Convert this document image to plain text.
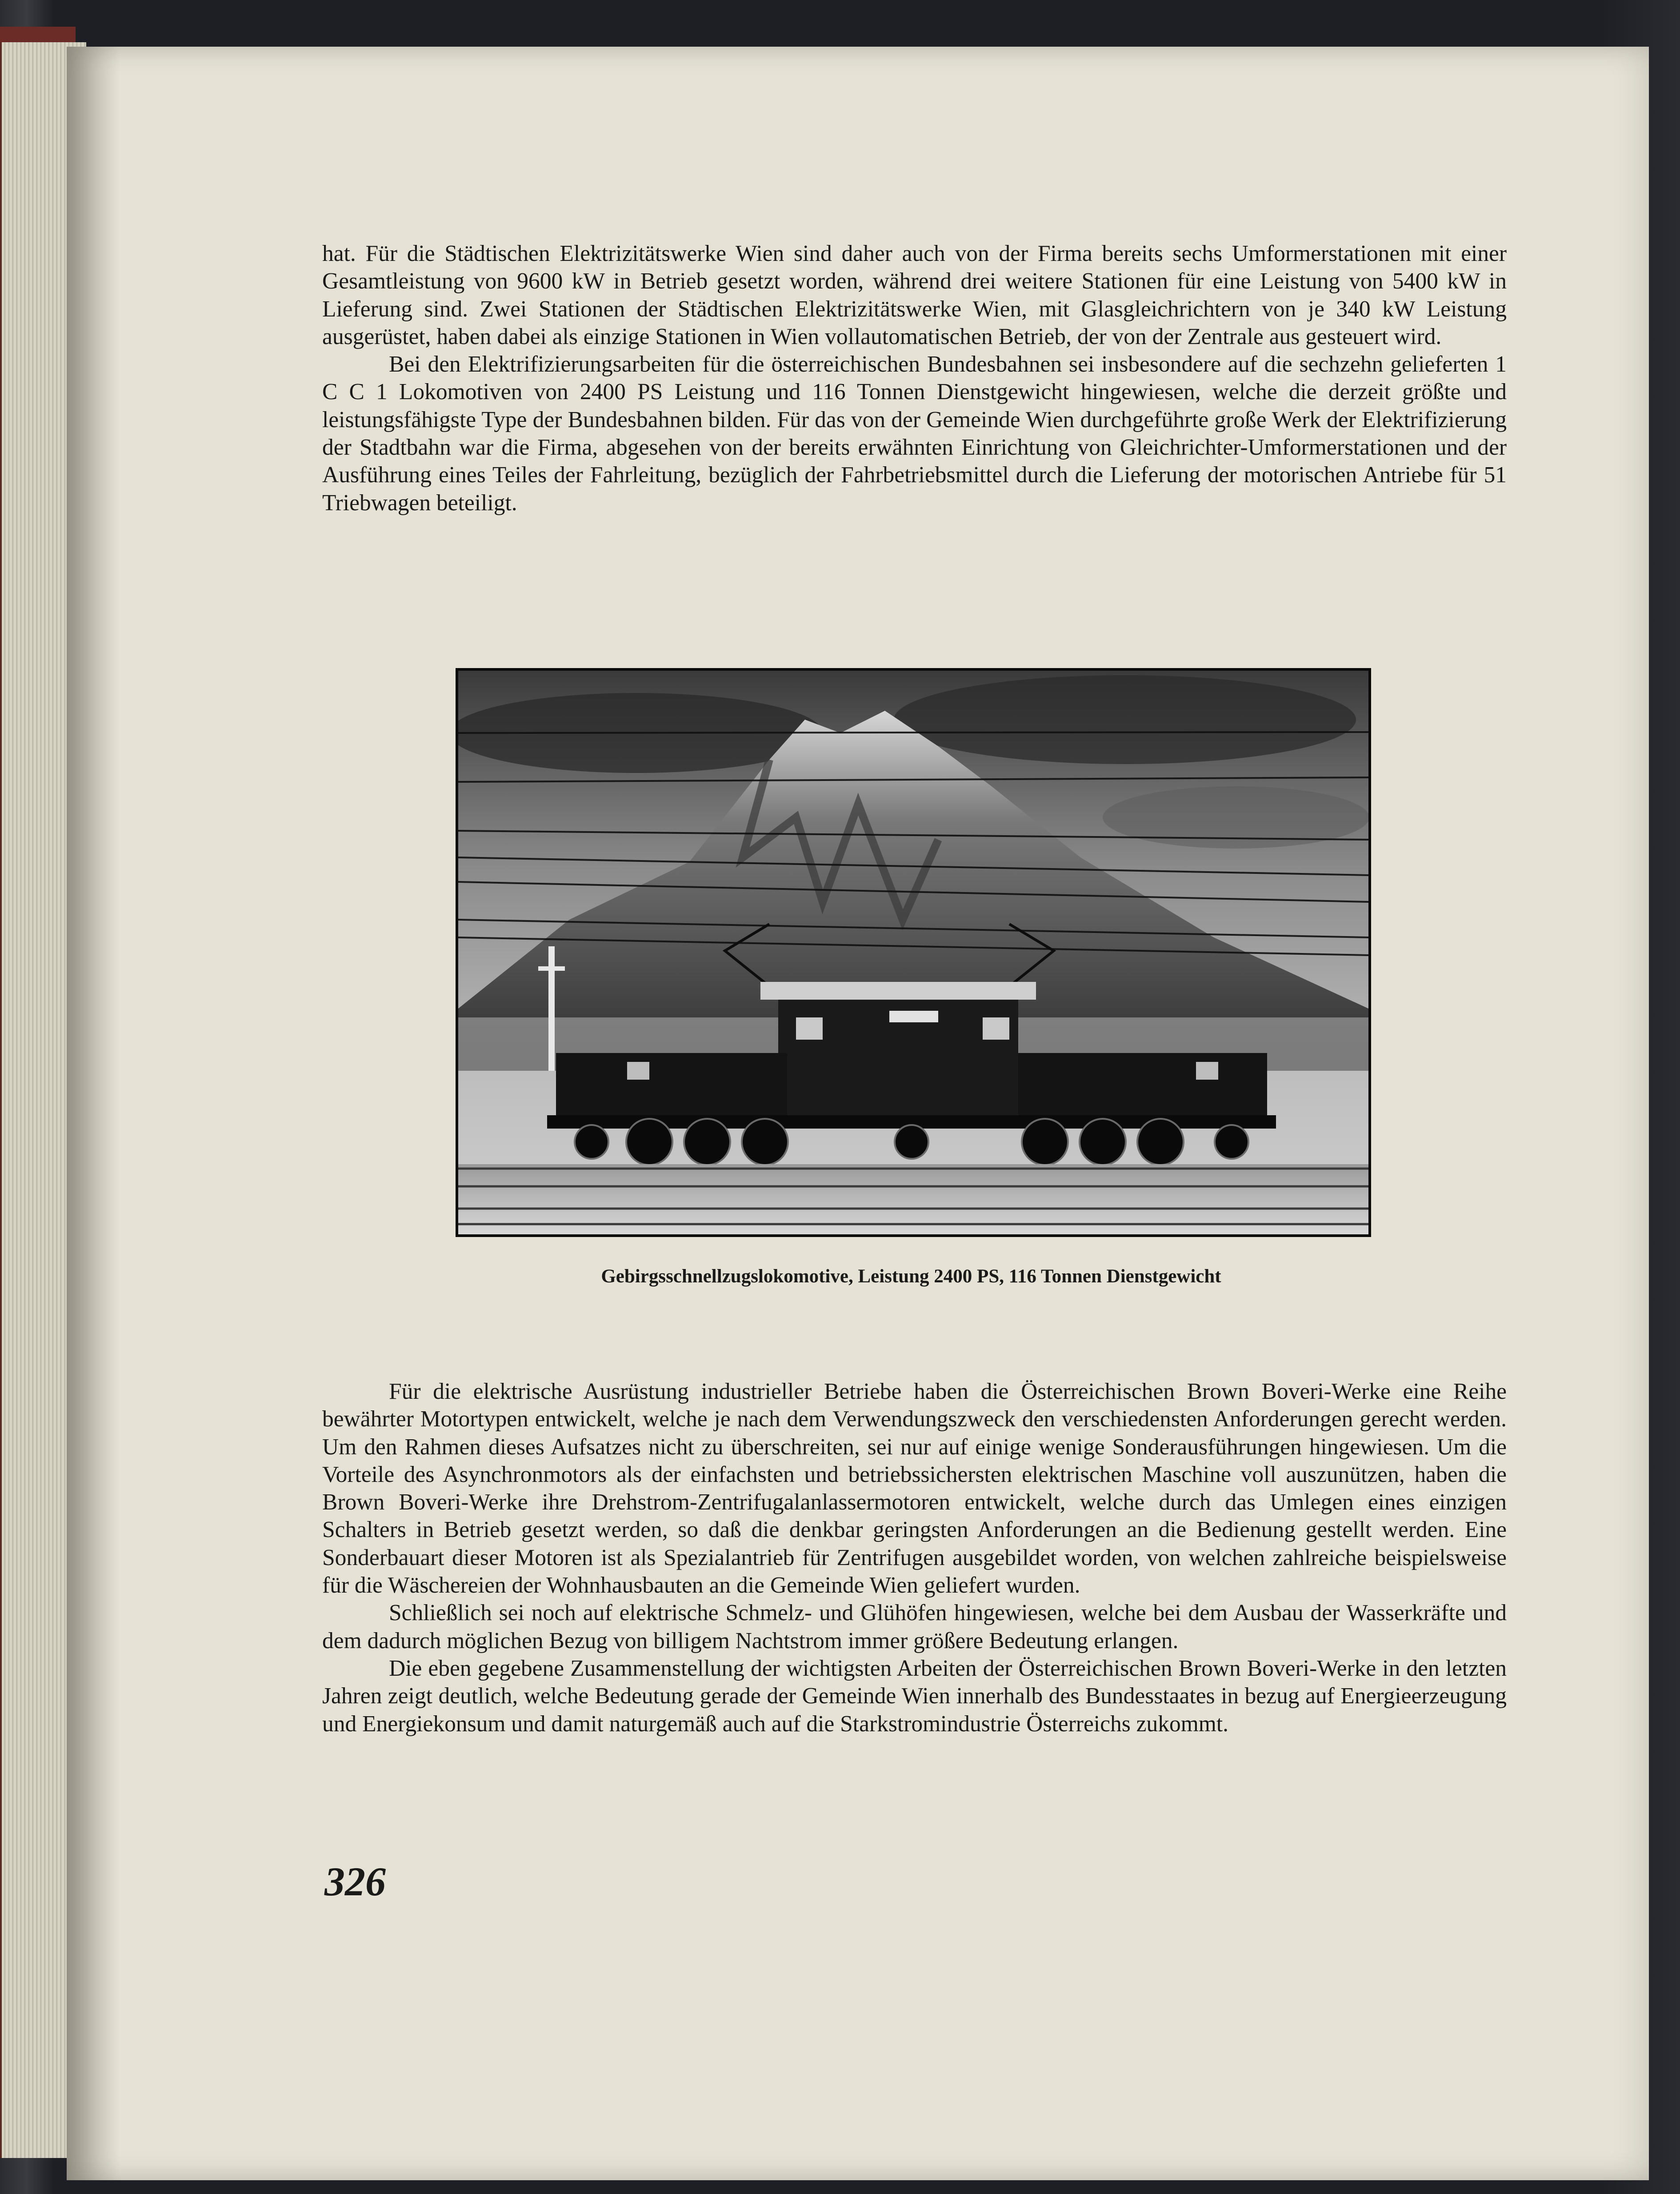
hat. Für die Städtischen Elektrizitätswerke Wien sind daher auch von der Firma bereits sechs Umformerstationen mit einer Gesamtleistung von 9600 kW in Betrieb gesetzt worden, während drei weitere Stationen für eine Leistung von 5400 kW in Lieferung sind. Zwei Stationen der Städtischen Elektrizitätswerke Wien, mit Glasgleichrichtern von je 340 kW Leistung ausgerüstet, haben dabei als einzige Stationen in Wien vollautomatischen Betrieb, der von der Zentrale aus gesteuert wird.

Bei den Elektrifizierungsarbeiten für die österreichischen Bundesbahnen sei insbesondere auf die sechzehn gelieferten 1 C C 1 Lokomotiven von 2400 PS Leistung und 116 Tonnen Dienstgewicht hingewiesen, welche die derzeit größte und leistungsfähigste Type der Bundesbahnen bilden. Für das von der Gemeinde Wien durchgeführte große Werk der Elektrifizierung der Stadtbahn war die Firma, abgesehen von der bereits erwähnten Einrichtung von Gleichrichter-Umformerstationen und der Ausführung eines Teiles der Fahrleitung, bezüglich der Fahrbetriebsmittel durch die Lieferung der motorischen Antriebe für 51 Triebwagen beteiligt.

Gebirgsschnellzugslokomotive, Leistung 2400 PS, 116 Tonnen Dienstgewicht

Für die elektrische Ausrüstung industrieller Betriebe haben die Österreichischen Brown Boveri-Werke eine Reihe bewährter Motortypen entwickelt, welche je nach dem Verwendungszweck den verschiedensten Anforderungen gerecht werden. Um den Rahmen dieses Aufsatzes nicht zu überschreiten, sei nur auf einige wenige Sonderausführungen hingewiesen. Um die Vorteile des Asynchronmotors als der einfachsten und betriebssichersten elektrischen Maschine voll auszunützen, haben die Brown Boveri-Werke ihre Drehstrom-Zentrifugalanlassermotoren entwickelt, welche durch das Umlegen eines einzigen Schalters in Betrieb gesetzt werden, so daß die denkbar geringsten Anforderungen an die Bedienung gestellt werden. Eine Sonderbauart dieser Motoren ist als Spezialantrieb für Zentrifugen ausgebildet worden, von welchen zahlreiche beispielsweise für die Wäschereien der Wohnhausbauten an die Gemeinde Wien geliefert wurden.

Schließlich sei noch auf elektrische Schmelz- und Glühöfen hingewiesen, welche bei dem Ausbau der Wasserkräfte und dem dadurch möglichen Bezug von billigem Nachtstrom immer größere Bedeutung erlangen.

Die eben gegebene Zusammenstellung der wichtigsten Arbeiten der Österreichischen Brown Boveri-Werke in den letzten Jahren zeigt deutlich, welche Bedeutung gerade der Gemeinde Wien innerhalb des Bundesstaates in bezug auf Energieerzeugung und Energiekonsum und damit naturgemäß auch auf die Starkstromindustrie Österreichs zukommt.

326
